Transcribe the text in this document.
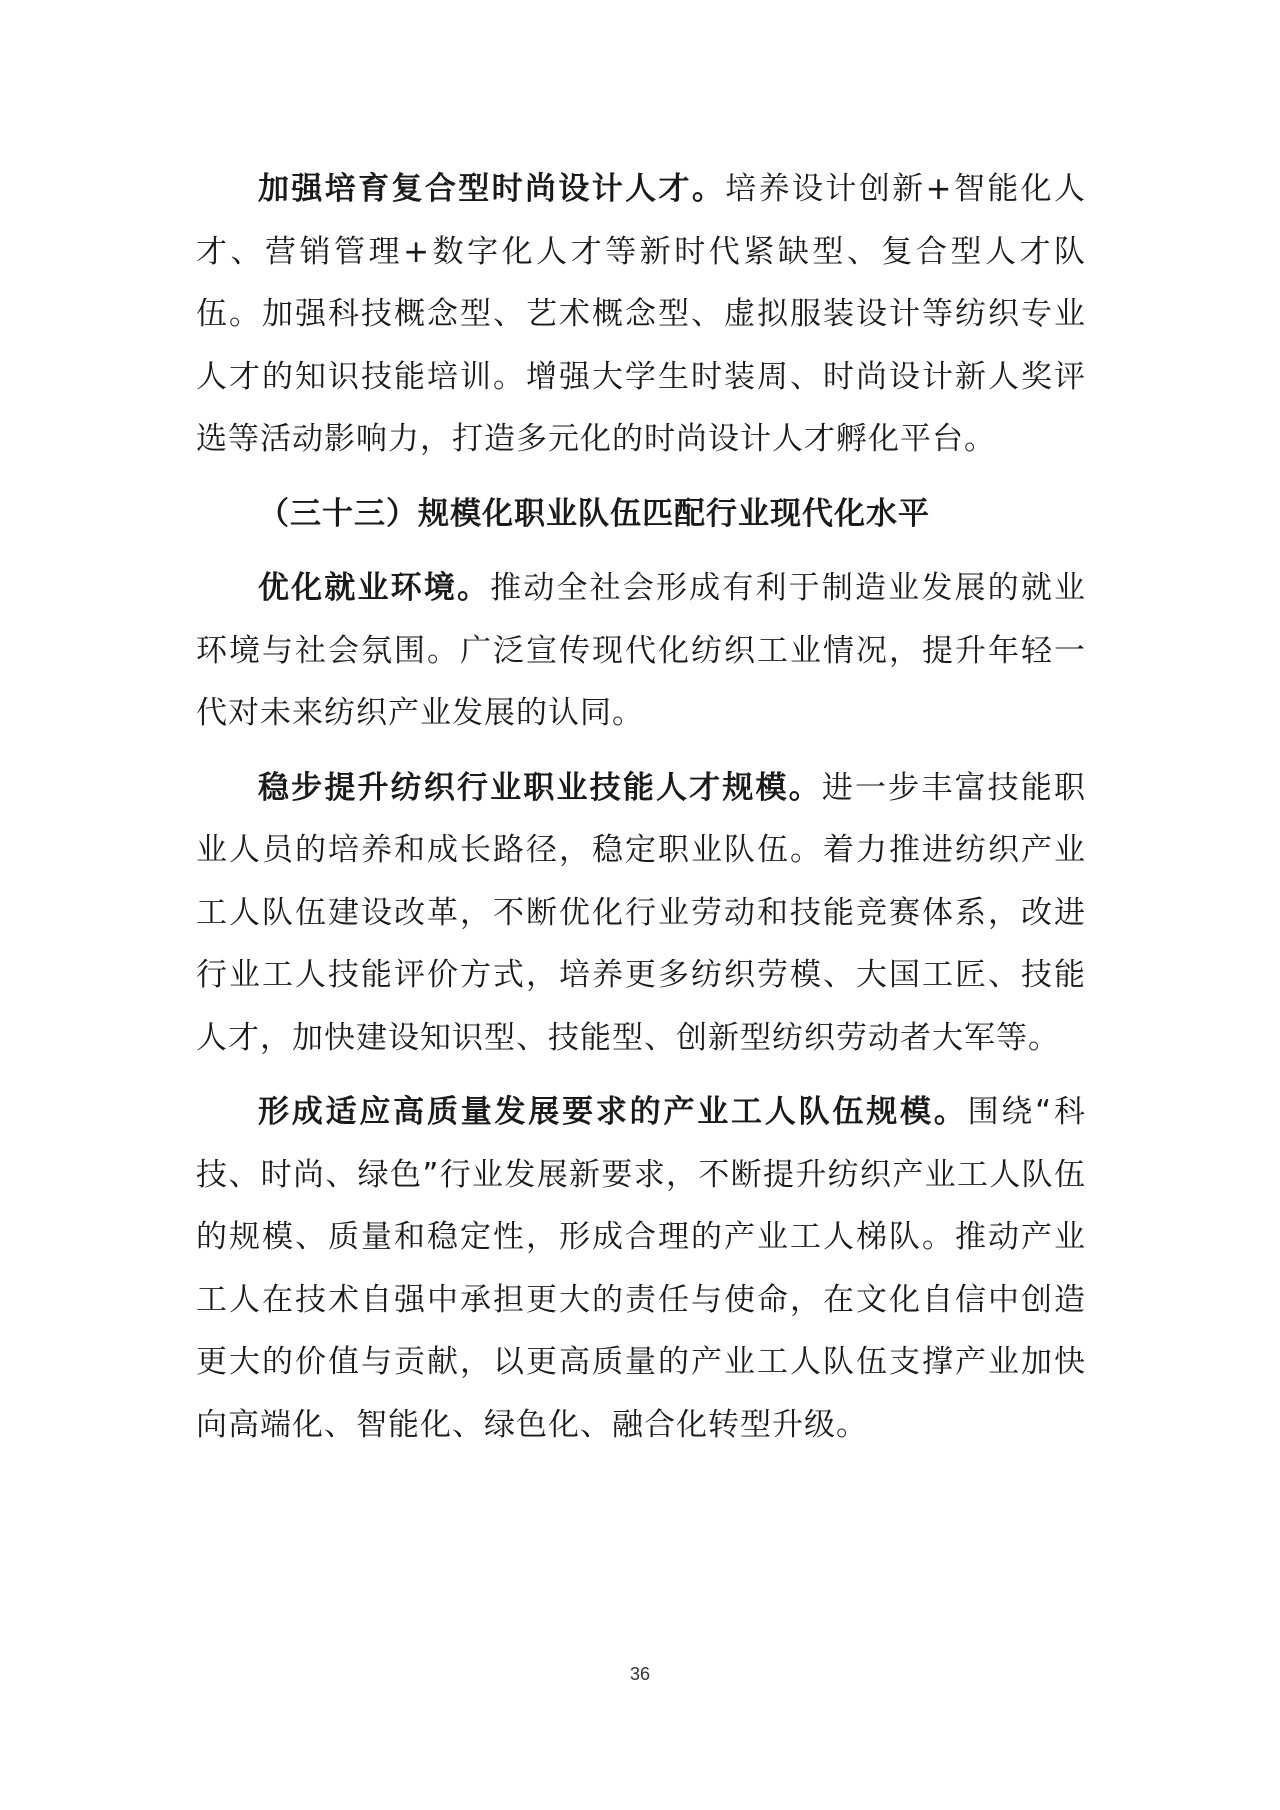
加强培育复合型时尚设计人才。培养设计创新+智能化人才、营销管理+数字化人才等新时代紧缺型、复合型人才队伍。加强科技概念型、艺术概念型、虚拟服装设计等纺织专业人才的知识技能培训。增强大学生时装周、时尚设计新人奖评选等活动影响力，打造多元化的时尚设计人才孵化平台。

（三十三）规模化职业队伍匹配行业现代化水平

优化就业环境。推动全社会形成有利于制造业发展的就业环境与社会氛围。广泛宣传现代化纺织工业情况，提升年轻一代对未来纺织产业发展的认同。

稳步提升纺织行业职业技能人才规模。进一步丰富技能职业人员的培养和成长路径，稳定职业队伍。着力推进纺织产业工人队伍建设改革，不断优化行业劳动和技能竞赛体系，改进行业工人技能评价方式，培养更多纺织劳模、大国工匠、技能人才，加快建设知识型、技能型、创新型纺织劳动者大军等。

形成适应高质量发展要求的产业工人队伍规模。围绕“科技、时尚、绿色”行业发展新要求，不断提升纺织产业工人队伍的规模、质量和稳定性，形成合理的产业工人梯队。推动产业工人在技术自强中承担更大的责任与使命，在文化自信中创造更大的价值与贡献，以更高质量的产业工人队伍支撑产业加快向高端化、智能化、绿色化、融合化转型升级。

36
